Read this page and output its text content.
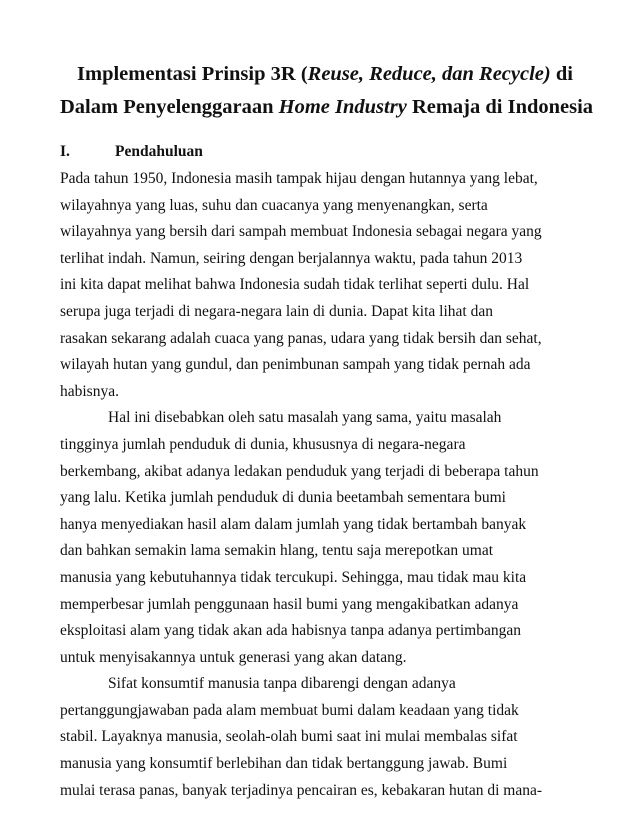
Implementasi Prinsip 3R (Reuse, Reduce, dan Recycle) di
Dalam Penyelenggaraan Home Industry Remaja di Indonesia
I.	Pendahuluan
Pada tahun 1950, Indonesia masih tampak hijau dengan hutannya yang lebat,
wilayahnya yang luas, suhu dan cuacanya yang menyenangkan, serta
wilayahnya yang bersih dari sampah membuat Indonesia sebagai negara yang
terlihat indah. Namun, seiring dengan berjalannya waktu, pada tahun 2013
ini kita dapat melihat bahwa Indonesia sudah tidak terlihat seperti dulu. Hal
serupa juga terjadi di negara-negara lain di dunia. Dapat kita lihat dan
rasakan sekarang adalah cuaca yang panas, udara yang tidak bersih dan sehat,
wilayah hutan yang gundul, dan penimbunan sampah yang tidak pernah ada
habisnya.
Hal ini disebabkan oleh satu masalah yang sama, yaitu masalah
tingginya jumlah penduduk di dunia, khususnya di negara-negara
berkembang, akibat adanya ledakan penduduk yang terjadi di beberapa tahun
yang lalu. Ketika jumlah penduduk di dunia beetambah sementara bumi
hanya menyediakan hasil alam dalam jumlah yang tidak bertambah banyak
dan bahkan semakin lama semakin hlang, tentu saja merepotkan umat
manusia yang kebutuhannya tidak tercukupi. Sehingga, mau tidak mau kita
memperbesar jumlah penggunaan hasil bumi yang mengakibatkan adanya
eksploitasi alam yang tidak akan ada habisnya tanpa adanya pertimbangan
untuk menyisakannya untuk generasi yang akan datang.
Sifat konsumtif manusia tanpa dibarengi dengan adanya
pertanggungjawaban pada alam membuat bumi dalam keadaan yang tidak
stabil. Layaknya manusia, seolah-olah bumi saat ini mulai membalas sifat
manusia yang konsumtif berlebihan dan tidak bertanggung jawab. Bumi
mulai terasa panas, banyak terjadinya pencairan es, kebakaran hutan di mana-
